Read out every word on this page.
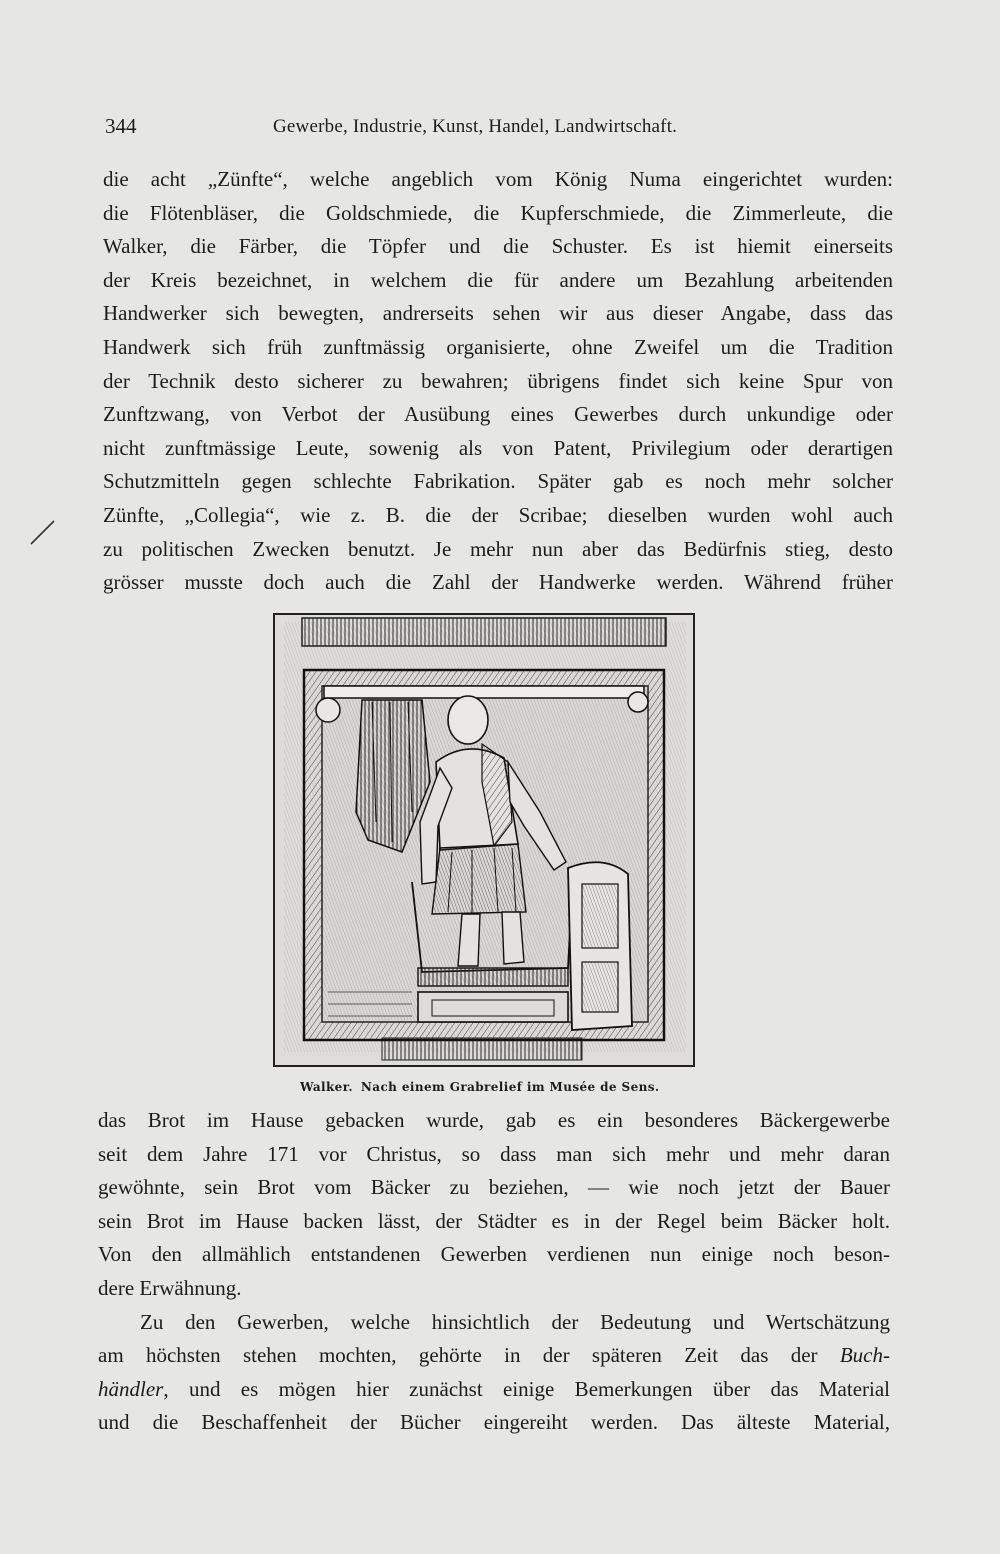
344	Gewerbe, Industrie, Kunst, Handel, Landwirtschaft.
die acht „Zünfte“, welche angeblich vom König Numa eingerichtet wurden:
die Flötenbläser, die Goldschmiede, die Kupferschmiede, die Zimmerleute, die
Walker, die Färber, die Töpfer und die Schuster. Es ist hiemit einerseits
der Kreis bezeichnet, in welchem die für andere um Bezahlung arbeitenden
Handwerker sich bewegten, andrerseits sehen wir aus dieser Angabe, dass das
Handwerk sich früh zunftmässig organisierte, ohne Zweifel um die Tradition
der Technik desto sicherer zu bewahren; übrigens findet sich keine Spur von
Zunftzwang, von Verbot der Ausübung eines Gewerbes durch unkundige oder
nicht zunftmässige Leute, sowenig als von Patent, Privilegium oder derartigen
Schutzmitteln gegen schlechte Fabrikation. Später gab es noch mehr solcher
Zünfte, „Collegia“, wie z. B. die der Scribae; dieselben wurden wohl auch
zu politischen Zwecken benutzt. Je mehr nun aber das Bedürfnis stieg, desto
grösser musste doch auch die Zahl der Handwerke werden. Während früher
Walker. Nach einem Grabrelief im Musée de Sens.
das Brot im Hause gebacken wurde, gab es ein besonderes Bäckergewerbe
seit dem Jahre 171 vor Christus, so dass man sich mehr und mehr daran
gewöhnte, sein Brot vom Bäcker zu beziehen, — wie noch jetzt der Bauer
sein Brot im Hause backen lässt, der Städter es in der Regel beim Bäcker holt.
Von den allmählich entstandenen Gewerben verdienen nun einige noch beson-
dere Erwähnung.
Zu den Gewerben, welche hinsichtlich der Bedeutung und Wertschätzung
am höchsten stehen mochten, gehörte in der späteren Zeit das der Buch-
händler, und es mögen hier zunächst einige Bemerkungen über das Material
und die Beschaffenheit der Bücher eingereiht werden. Das älteste Material,
